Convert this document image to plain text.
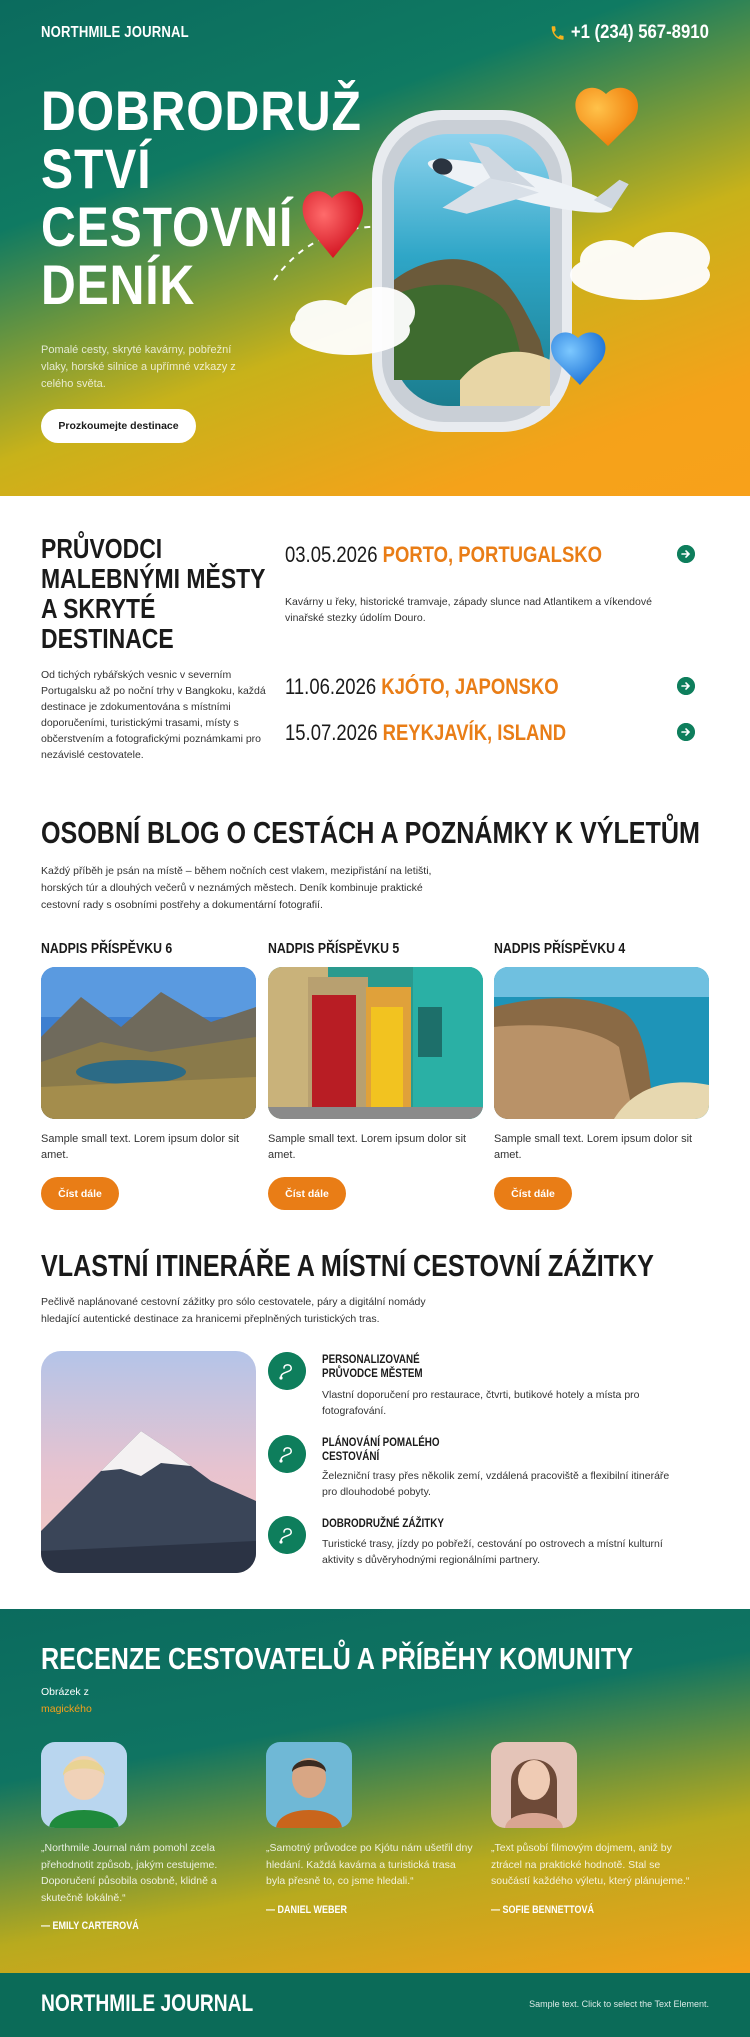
NORTHMILE JOURNAL	+1 (234) 567-8910
DOBRODRUŽ
STVÍ
CESTOVNÍ
DENÍK

Pomalé cesty, skryté kavárny, pobřežní vlaky, horské silnice a upřímné vzkazy z celého světa.

Prozkoumejte destinace
PRŮVODCI
MALEBNÝMI MĚSTY
A SKRYTÉ
DESTINACE

Od tichých rybářských vesnic v severním Portugalsku až po noční trhy v Bangkoku, každá destinace je zdokumentována s místními doporučeními, turistickými trasami, místy s občerstvením a fotografickými poznámkami pro nezávislé cestovatele.

03.05.2026 PORTO, PORTUGALSKO

Kavárny u řeky, historické tramvaje, západy slunce nad Atlantikem a víkendové vinařské stezky údolím Douro.

11.06.2026 KJÓTO, JAPONSKO
15.07.2026 REYKJAVÍK, ISLAND
OSOBNÍ BLOG O CESTÁCH A POZNÁMKY K VÝLETŮM

Každý příběh je psán na místě – během nočních cest vlakem, mezipřistání na letišti, horských túr a dlouhých večerů v neznámých městech. Deník kombinuje praktické cestovní rady s osobními postřehy a dokumentární fotografií.

NADPIS PŘÍSPĚVKU 6

Sample small text. Lorem ipsum dolor sit amet.

Číst dále
NADPIS PŘÍSPĚVKU 5

Sample small text. Lorem ipsum dolor sit amet.

Číst dále
NADPIS PŘÍSPĚVKU 4

Sample small text. Lorem ipsum dolor sit amet.

Číst dále
VLASTNÍ ITINERÁŘE A MÍSTNÍ CESTOVNÍ ZÁŽITKY

Pečlivě naplánované cestovní zážitky pro sólo cestovatele, páry a digitální nomády hledající autentické destinace za hranicemi přeplněných turistických tras.

PERSONALIZOVANÉ PRŮVODCE MĚSTEM

Vlastní doporučení pro restaurace, čtvrti, butikové hotely a místa pro fotografování.

PLÁNOVÁNÍ POMALÉHO CESTOVÁNÍ

Železniční trasy přes několik zemí, vzdálená pracoviště a flexibilní itineráře pro dlouhodobé pobyty.

DOBRODRUŽNÉ ZÁŽITKY

Turistické trasy, jízdy po pobřeží, cestování po ostrovech a místní kulturní aktivity s důvěryhodnými regionálními partnery.

RECENZE CESTOVATELŮ A PŘÍBĚHY KOMUNITY
Obrázek z
magického

„Northmile Journal nám pomohl zcela přehodnotit způsob, jakým cestujeme. Doporučení působila osobně, klidně a skutečně lokálně.“

— EMILY CARTEROVÁ

„Samotný průvodce po Kjótu nám ušetřil dny hledání. Každá kavárna a turistická trasa byla přesně to, co jsme hledali.“

— DANIEL WEBER

„Text působí filmovým dojmem, aniž by ztrácel na praktické hodnotě. Stal se součástí každého výletu, který plánujeme.“

— SOFIE BENNETTOVÁ
NORTHMILE JOURNAL	Sample text. Click to select the Text Element.
